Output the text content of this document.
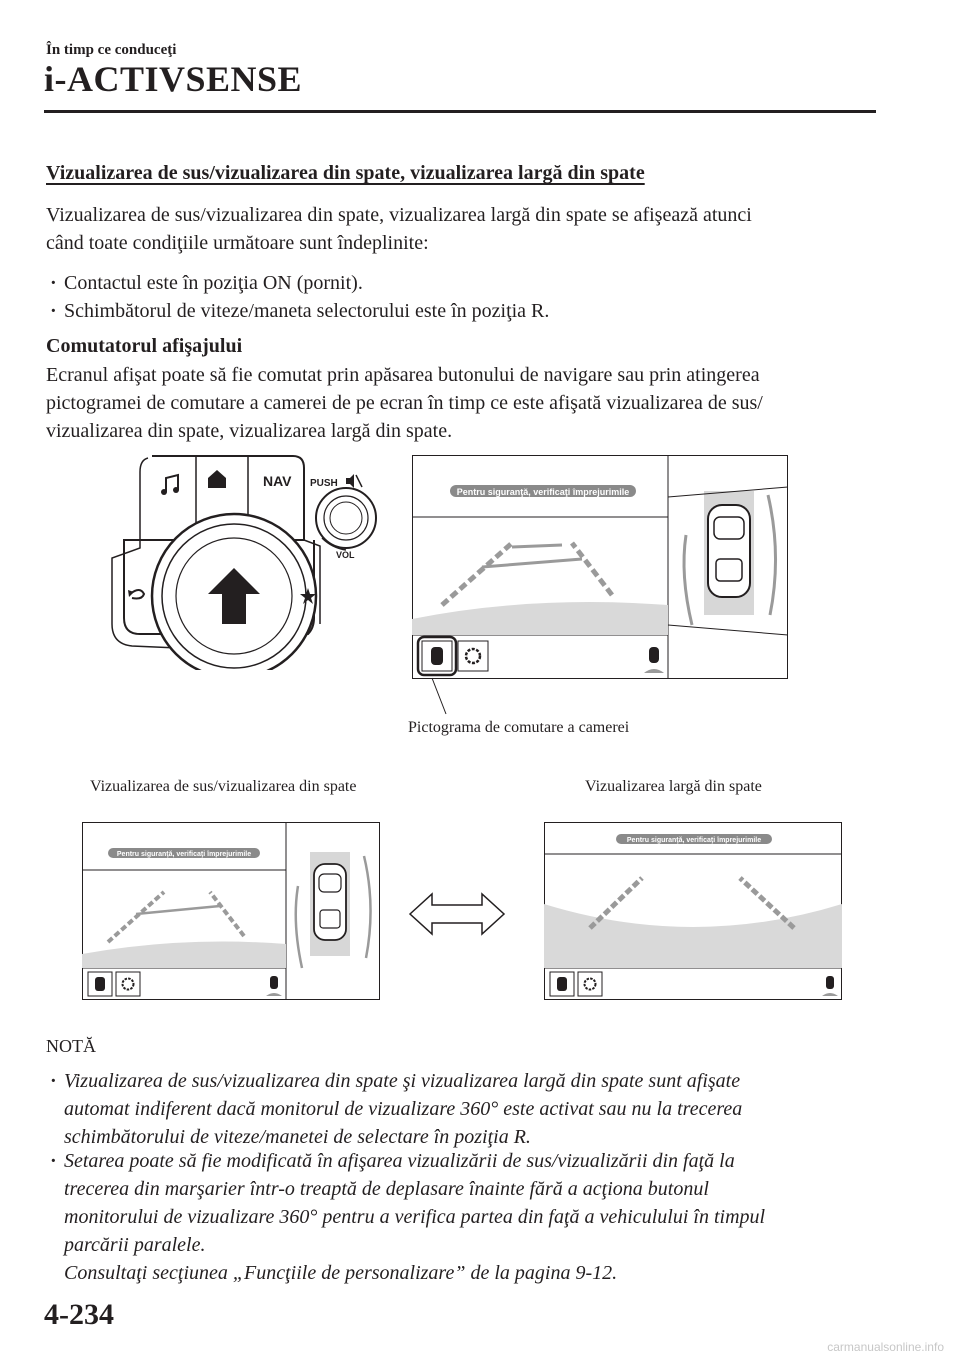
În timp ce conduceţi
i-ACTIVSENSE
Vizualizarea de sus/vizualizarea din spate, vizualizarea largă din spate
Vizualizarea de sus/vizualizarea din spate, vizualizarea largă din spate se afişează atunci
când toate condiţiile următoare sunt îndeplinite:
· Contactul este în poziţia ON (pornit).
· Schimbătorul de viteze/maneta selectorului este în poziţia R.
Comutatorul afişajului
Ecranul afişat poate să fie comutat prin apăsarea butonului de navigare sau prin atingerea
pictogramei de comutare a camerei de pe ecran în timp ce este afişată vizualizarea de sus/
vizualizarea din spate, vizualizarea largă din spate.
NAV PUSH
VOL
Pentru siguranţă, verificaţi împrejurimile
Pictograma de comutare a camerei
Vizualizarea de sus/vizualizarea din spate	Vizualizarea largă din spate
Pentru siguranţă, verificaţi împrejurimile
Pentru siguranţă, verificaţi împrejurimile
NOTĂ
· Vizualizarea de sus/vizualizarea din spate şi vizualizarea largă din spate sunt afişate
automat indiferent dacă monitorul de vizualizare 360° este activat sau nu la trecerea
schimbătorului de viteze/manetei de selectare în poziţia R.
· Setarea poate să fie modificată în afişarea vizualizării de sus/vizualizării din faţă la
trecerea din marşarier într-o treaptă de deplasare înainte fără a acţiona butonul
monitorului de vizualizare 360° pentru a verifica partea din faţă a vehiculului în timpul
parcării paralele.
Consultaţi secţiunea „Funcţiile de personalizare” de la pagina 9-12.
4-234
carmanualsonline.info
